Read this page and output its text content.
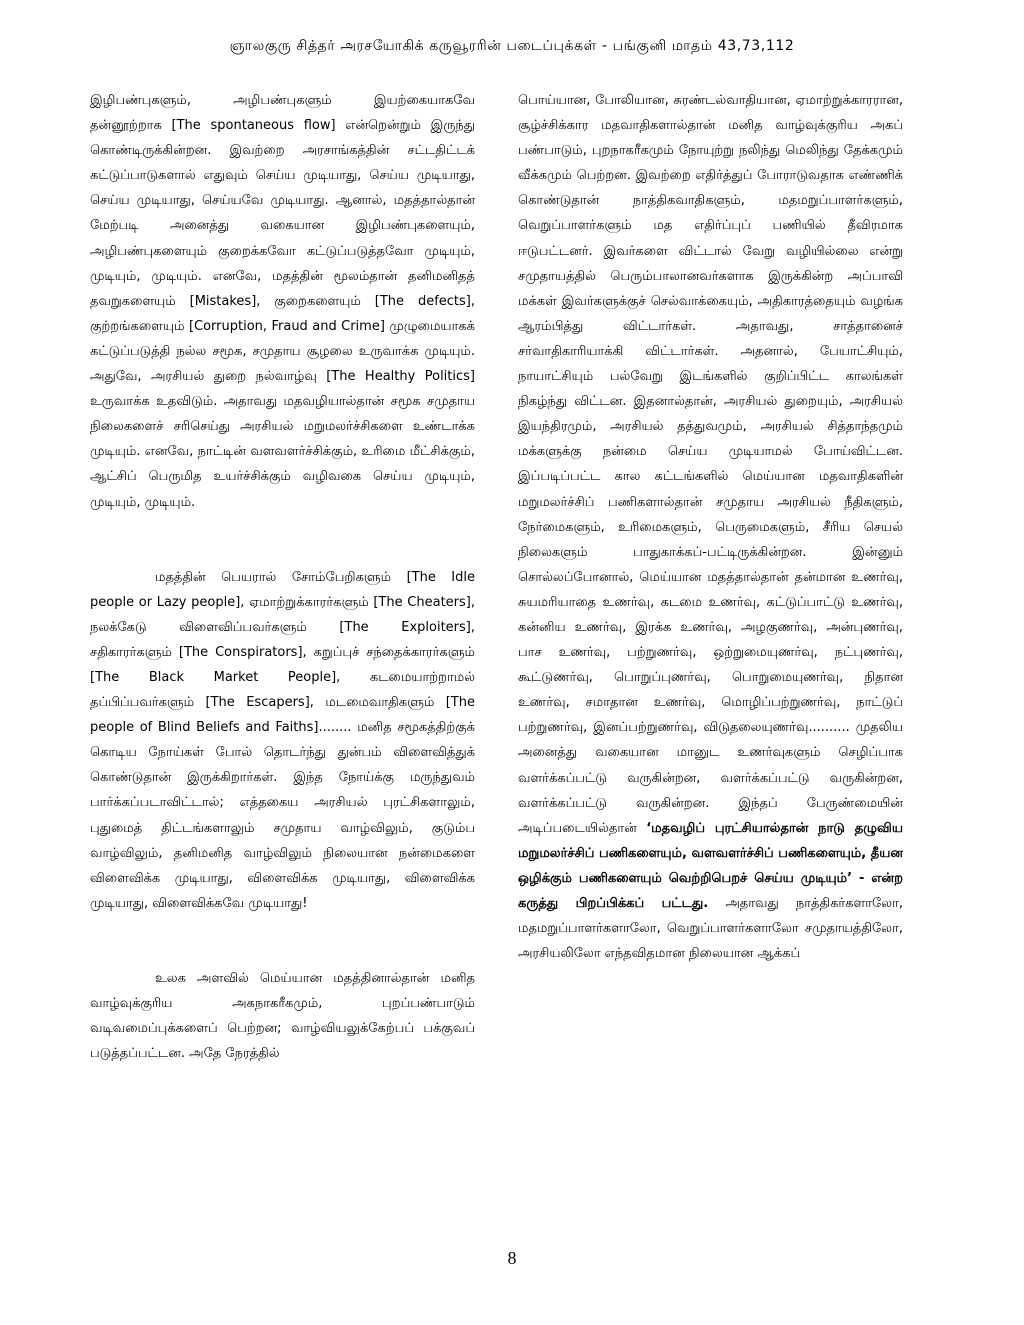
ஞாலகுரு சித்தர் அரசயோகிக் கருவூரரின் படைப்புக்கள் - பங்குனி மாதம் 43,73,112

இழிபண்புகளும், அழிபண்புகளும் இயற்கையாகவே தன்னூற்றாக [The spontaneous flow] என்றென்றும் இருந்து கொண்டிருக்கின்றன. இவற்றை அரசாங்கத்தின் சட்டதிட்டக் கட்டுப்பாடுகளால் எதுவும் செய்ய முடியாது, செய்ய முடியாது, செய்ய முடியாது, செய்யவே முடியாது. ஆனால், மதத்தால்தான் மேற்படி அனைத்து வகையான இழிபண்புகளையும், அழிபண்புகளையும் குறைக்கவோ கட்டுப்படுத்தவோ முடியும், முடியும், முடியும். எனவே, மதத்தின் மூலம்தான் தனிமனிதத் தவறுகளையும் [Mistakes], குறைகளையும் [The defects], குற்றங்களையும் [Corruption, Fraud and Crime] முழுமையாகக் கட்டுப்படுத்தி நல்ல சமூக, சமுதாய சூழலை உருவாக்க முடியும். அதுவே, அரசியல் துறை நல்வாழ்வு [The Healthy Politics] உருவாக்க உதவிடும். அதாவது மதவழியால்தான் சமூக சமுதாய நிலைகளைச் சரிசெய்து அரசியல் மறுமலர்ச்சிகளை உண்டாக்க முடியும். எனவே, நாட்டின் வளவளர்ச்சிக்கும், உரிமை மீட்சிக்கும், ஆட்சிப் பெருமித உயர்ச்சிக்கும் வழிவகை செய்ய முடியும், முடியும், முடியும்.

மதத்தின் பெயரால் சோம்பேறிகளும் [The Idle people or Lazy people], ஏமாற்றுக்காரர்களும் [The Cheaters], நலக்கேடு விளைவிப்பவர்களும் [The Exploiters], சதிகாரர்களும் [The Conspirators], கறுப்புச் சந்தைக்காரர்களும் [The Black Market People], கடமையாற்றாமல் தப்பிப்பவர்களும் [The Escapers], மடமைவாதிகளும் [The people of Blind Beliefs and Faiths]........ மனித சமூகத்திற்குக் கொடிய நோய்கள் போல் தொடர்ந்து துன்பம் விளைவித்துக் கொண்டுதான் இருக்கிறார்கள். இந்த நோய்க்கு மருந்துவம் பார்க்கப்படாவிட்டால்; எத்தகைய அரசியல் புரட்சிகளாலும், புதுமைத் திட்டங்களாலும் சமுதாய வாழ்விலும், குடும்ப வாழ்விலும், தனிமனித வாழ்விலும் நிலையான நன்மைகளை விளைவிக்க முடியாது, விளைவிக்க முடியாது, விளைவிக்க முடியாது, விளைவிக்கவே முடியாது!

உலக அளவில் மெய்யான மதத்தினால்தான் மனித வாழ்வுக்குரிய அகநாகரீகமும், புறப்பண்பாடும் வடிவமைப்புக்களைப் பெற்றன; வாழ்வியலுக்கேற்பப் பக்குவப் படுத்தப்பட்டன. அதே நேரத்தில்

பொய்யான, போலியான, சுரண்டல்வாதியான, ஏமாற்றுக்காரரான, சூழ்ச்சிக்கார மதவாதிகளால்தான் மனித வாழ்வுக்குரிய அகப் பண்பாடும், புறநாகரீகமும் நோயுற்று நலிந்து மெலிந்து தேக்கமும் வீக்கமும் பெற்றன. இவற்றை எதிர்த்துப் போராடுவதாக எண்ணிக் கொண்டுதான் நாத்திகவாதிகளும், மதமறுப்பாளர்களும், வெறுப்பாளர்களும் மத எதிர்ப்புப் பணியில் தீவிரமாக ஈடுபட்டனர். இவர்களை விட்டால் வேறு வழியில்லை என்று சமுதாயத்தில் பெரும்பாலானவர்களாக இருக்கின்ற அப்பாவி மக்கள் இவர்களுக்குச் செல்வாக்கையும், அதிகாரத்தையும் வழங்க ஆரம்பித்து விட்டார்கள். அதாவது, சாத்தானைச் சர்வாதிகாரியாக்கி விட்டார்கள். அதனால், பேயாட்சியும், நாயாட்சியும் பல்வேறு இடங்களில் குறிப்பிட்ட காலங்கள் நிகழ்ந்து விட்டன. இதனால்தான், அரசியல் துறையும், அரசியல் இயந்திரமும், அரசியல் தத்துவமும், அரசியல் சித்தாந்தமும் மக்களுக்கு நன்மை செய்ய முடியாமல் போய்விட்டன. இப்படிப்பட்ட கால கட்டங்களில் மெய்யான மதவாதிகளின் மறுமலர்ச்சிப் பணிகளால்தான் சமுதாய அரசியல் நீதிகளும், நேர்மைகளும், உரிமைகளும், பெருமைகளும், சீரிய செயல் நிலைகளும் பாதுகாக்கப்-பட்டிருக்கின்றன. இன்னும் சொல்லப்போனால், மெய்யான மதத்தால்தான் தன்மான உணர்வு, சுயமரியாதை உணர்வு, கடமை உணர்வு, கட்டுப்பாட்டு உணர்வு, கன்னிய உணர்வு, இரக்க உணர்வு, அழகுணர்வு, அன்புணர்வு, பாச உணர்வு, பற்றுணர்வு, ஒற்றுமையுணர்வு, நட்புணர்வு, கூட்டுணர்வு, பொறுப்புணர்வு, பொறுமையுணர்வு, நிதான உணர்வு, சமாதான உணர்வு, மொழிப்பற்றுணர்வு, நாட்டுப் பற்றுணர்வு, இனப்பற்றுணர்வு, விடுதலையுணர்வு.......... முதலிய அனைத்து வகையான மானுட உணர்வுகளும் செழிப்பாக வளர்க்கப்பட்டு வருகின்றன, வளர்க்கப்பட்டு வருகின்றன, வளர்க்கப்பட்டு வருகின்றன. இந்தப் பேருண்மையின் அடிப்படையில்தான் ‘மதவழிப் புரட்சியால்தான் நாடு தழுவிய மறுமலர்ச்சிப் பணிகளையும், வளவளர்ச்சிப் பணிகளையும், தீயன ஒழிக்கும் பணிகளையும் வெற்றிபெறச் செய்ய முடியும்’ - என்ற கருத்து பிறப்பிக்கப் பட்டது. அதாவது நாத்திகர்களாலோ, மதமறுப்பாளர்களாலோ, வெறுப்பாளர்களாலோ சமுதாயத்திலோ, அரசியலிலோ எந்தவிதமான நிலையான ஆக்கப்

8
